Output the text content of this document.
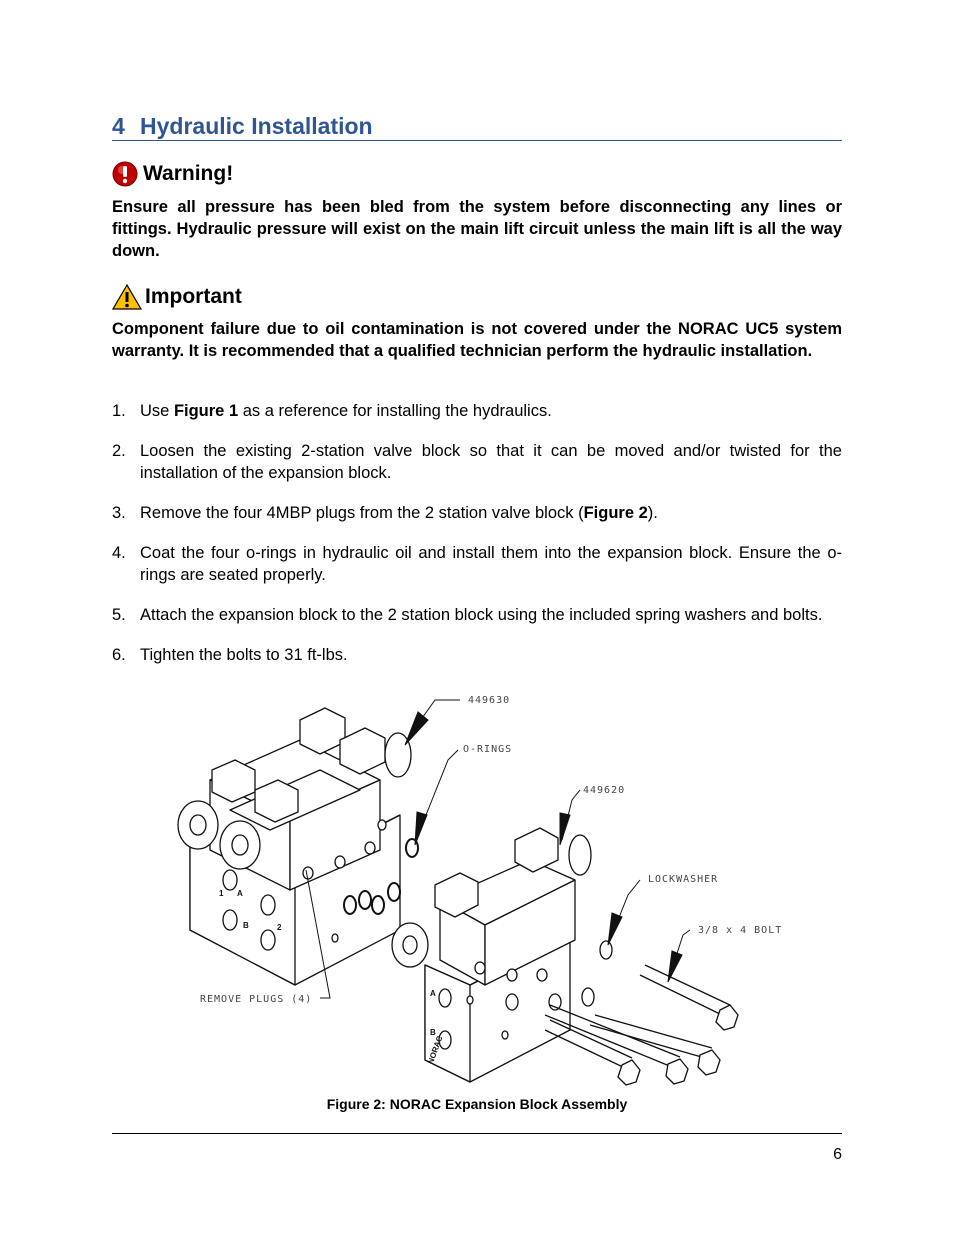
4 Hydraulic Installation
Warning!
Ensure all pressure has been bled from the system before disconnecting any lines or fittings. Hydraulic pressure will exist on the main lift circuit unless the main lift is all the way down.
Important
Component failure due to oil contamination is not covered under the NORAC UC5 system warranty. It is recommended that a qualified technician perform the hydraulic installation.
1. Use Figure 1 as a reference for installing the hydraulics.
2. Loosen the existing 2-station valve block so that it can be moved and/or twisted for the installation of the expansion block.
3. Remove the four 4MBP plugs from the 2 station valve block (Figure 2).
4. Coat the four o-rings in hydraulic oil and install them into the expansion block. Ensure the o-rings are seated properly.
5. Attach the expansion block to the 2 station block using the included spring washers and bolts.
6. Tighten the bolts to 31 ft-lbs.
Figure 2: NORAC Expansion Block Assembly
6
449630
O-RINGS
449620
LOCKWASHER
3/8 x 4 BOLT
REMOVE PLUGS (4)
NORAC
A
B
1
2
A
B
